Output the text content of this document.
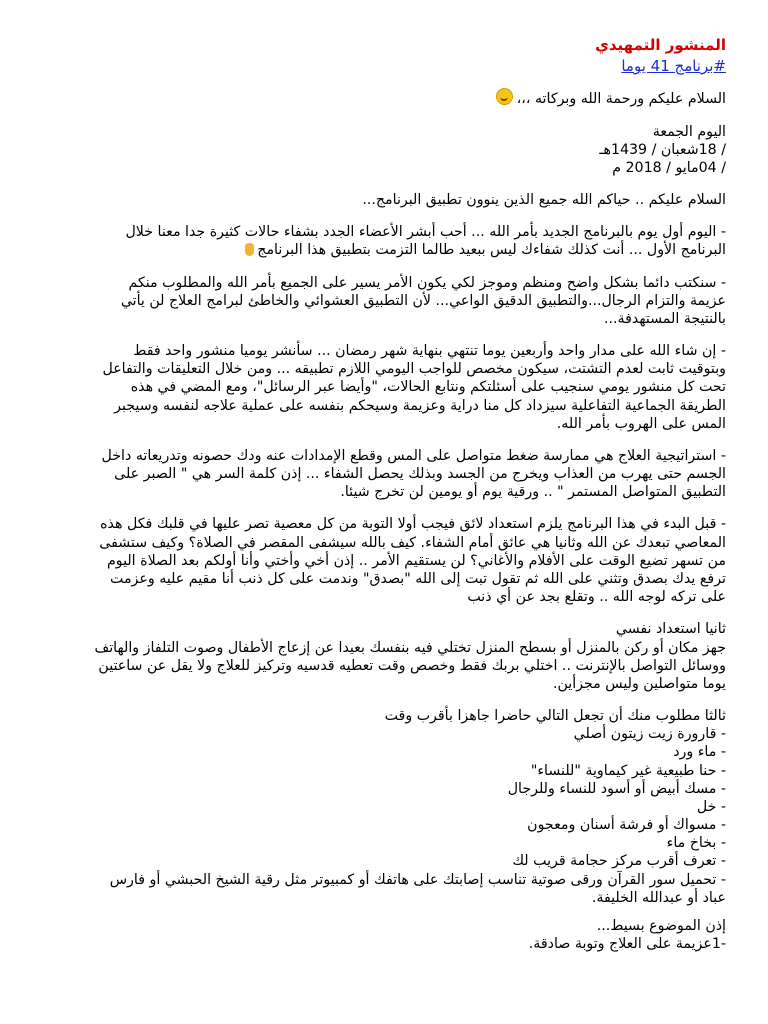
المنشور التمهيدي

#برنامج 41 يوما

السلام عليكم ورحمة الله وبركاته ،،،

اليوم الجمعة

/ 18شعبان / 1439هـ

/ 04مايو / 2018 م

السلام عليكم .. حياكم الله جميع الذين ينوون تطبيق البرنامج...

- اليوم أول يوم بالبرنامج الجديد بأمر الله ... أحب أبشر الأعضاء الجدد بشفاء حالات كثيرة جدا معنا خلال البرنامج الأول ... أنت كذلك شفاءك ليس ببعيد طالما التزمت بتطبيق هذا البرنامج

- سنكتب دائما بشكل واضح ومنظم وموجز لكي يكون الأمر يسير على الجميع بأمر الله والمطلوب منكم عزيمة والتزام الرجال...والتطبيق الدقيق الواعي... لأن التطبيق العشوائي والخاطئ لبرامج العلاج لن يأتي بالنتيجة المستهدفة...

- إن شاء الله على مدار واحد وأربعين يوما تنتهي بنهاية شهر رمضان ... سأنشر يوميا منشور واحد فقط وبتوقيت ثابت لعدم التشتت، سيكون مخصص للواجب اليومي اللازم تطبيقه ... ومن خلال التعليقات والتفاعل تحت كل منشور يومي سنجيب على أسئلتكم ونتابع الحالات، "وأيضا عبر الرسائل"، ومع المضي في هذه الطريقة الجماعية التفاعلية سيزداد كل منا دراية وعزيمة وسيحكم بنفسه على عملية علاجه لنفسه وسيجبر المس على الهروب بأمر الله.

- استراتيجية العلاج هي ممارسة ضغط متواصل على المس وقطع الإمدادات عنه ودك حصونه وتدريعاته داخل الجسم حتى يهرب من العذاب ويخرج من الجسد وبذلك يحصل الشفاء ... إذن كلمة السر هي " الصبر على التطبيق المتواصل المستمر " .. ورقية يوم أو يومين لن تخرج شيئا.

- قبل البدء في هذا البرنامج يلزم استعداد لائق فيجب أولا التوبة من كل معصية تصر عليها في قلبك فكل هذه المعاصي تبعدك عن الله وثانيا هي عائق أمام الشفاء. كيف بالله سيشفى المقصر في الصلاة؟ وكيف ستشفى من تسهر تضيع الوقت على الأفلام والأغاني؟ لن يستقيم الأمر .. إذن أخي وأختي وأنا أولكم بعد الصلاة اليوم ترفع يدك بصدق وتثني على الله ثم تقول تبت إلى الله "بصدق" وندمت على كل ذنب أنا مقيم عليه وعزمت على تركه لوجه الله .. وتقلع بجد عن أي ذنب

ثانيا استعداد نفسي

جهز مكان أو ركن بالمنزل أو بسطح المنزل تختلي فيه بنفسك بعيدا عن إزعاج الأطفال وصوت التلفاز والهاتف ووسائل التواصل بالإنترنت .. اختلي بربك فقط وخصص وقت تعطيه قدسيه وتركيز للعلاج ولا يقل عن ساعتين يوما متواصلين وليس مجزأين.

ثالثا مطلوب منك أن تجعل التالي حاضرا جاهزا بأقرب وقت

- قارورة زيت زيتون أصلي
- ماء ورد
- حنا طبيعية غير كيماوية "للنساء"
- مسك أبيض أو أسود للنساء وللرجال
- خل
- مسواك أو فرشة أسنان ومعجون
- بخاخ ماء
- تعرف أقرب مركز حجامة قريب لك
- تحميل سور القرآن ورقى صوتية تناسب إصابتك على هاتفك أو كمبيوتر مثل رقية الشيخ الحبشي أو فارس عباد أو عبدالله الخليفة.

إذن الموضوع بسيط...

-1عزيمة على العلاج وتوبة صادقة.
